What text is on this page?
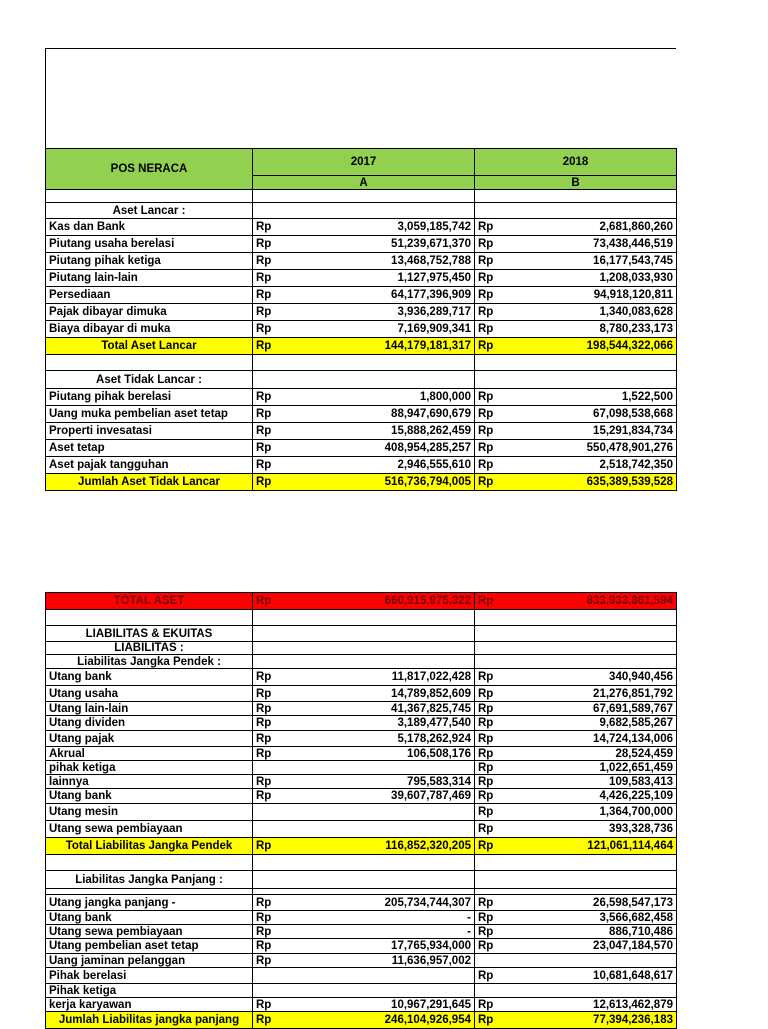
POS NERACA	2017	2018
	A	B

Aset Lancar :		
Kas dan Bank	Rp 3,059,185,742	Rp 2,681,860,260

Piutang usaha berelasi	Rp 51,239,671,370	Rp 73,438,446,519

Piutang pihak ketiga	Rp 13,468,752,788	Rp 16,177,543,745

Piutang lain-lain	Rp 1,127,975,450	Rp 1,208,033,930

Persediaan	Rp 64,177,396,909	Rp 94,918,120,811

Pajak dibayar dimuka	Rp 3,936,289,717	Rp 1,340,083,628

Biaya dibayar di muka	Rp 7,169,909,341	Rp 8,780,233,173

Total Aset Lancar	Rp 144,179,181,317	Rp 198,544,322,066

Aset Tidak Lancar :		
Piutang pihak berelasi	Rp 1,800,000	Rp 1,522,500

Uang muka pembelian aset tetap	Rp 88,947,690,679	Rp 67,098,538,668

Properti invesatasi	Rp 15,888,262,459	Rp 15,291,834,734

Aset tetap	Rp 408,954,285,257	Rp 550,478,901,276

Aset pajak tangguhan	Rp 2,946,555,610	Rp 2,518,742,350

Jumlah Aset Tidak Lancar	Rp 516,736,794,005	Rp 635,389,539,528
TOTAL ASET	Rp 660,915,975,322	Rp 833,933,861,594

LIABILITAS & EKUITAS		
LIABILITAS :		
Liabilitas Jangka Pendek :		
Utang bank	Rp 11,817,022,428	Rp 340,940,456

Utang usaha	Rp 14,789,852,609	Rp 21,276,851,792

Utang lain-lain	Rp 41,367,825,745	Rp 67,691,589,767

Utang dividen	Rp 3,189,477,540	Rp 9,682,585,267

Utang pajak	Rp 5,178,262,924	Rp 14,724,134,006

Akrual	Rp 106,508,176	Rp 28,524,459

pihak ketiga		Rp 1,022,651,459

lainnya	Rp 795,583,314	Rp 109,583,413

Utang bank	Rp 39,607,787,469	Rp 4,426,225,109

Utang mesin		Rp 1,364,700,000

Utang sewa pembiayaan		Rp 393,328,736

Total Liabilitas Jangka Pendek	Rp 116,852,320,205	Rp 121,061,114,464

Liabilitas Jangka Panjang :		

Utang jangka panjang -	Rp 205,734,744,307	Rp 26,598,547,173

Utang bank	Rp -	Rp 3,566,682,458

Utang sewa pembiayaan	Rp -	Rp 886,710,486

Utang pembelian aset tetap	Rp 17,765,934,000	Rp 23,047,184,570

Uang jaminan pelanggan	Rp 11,636,957,002	

Pihak berelasi		Rp 10,681,648,617

Pihak ketiga	

kerja karyawan	Rp 10,967,291,645	Rp 12,613,462,879

Jumlah Liabilitas jangka panjang	Rp 246,104,926,954	Rp 77,394,236,183
